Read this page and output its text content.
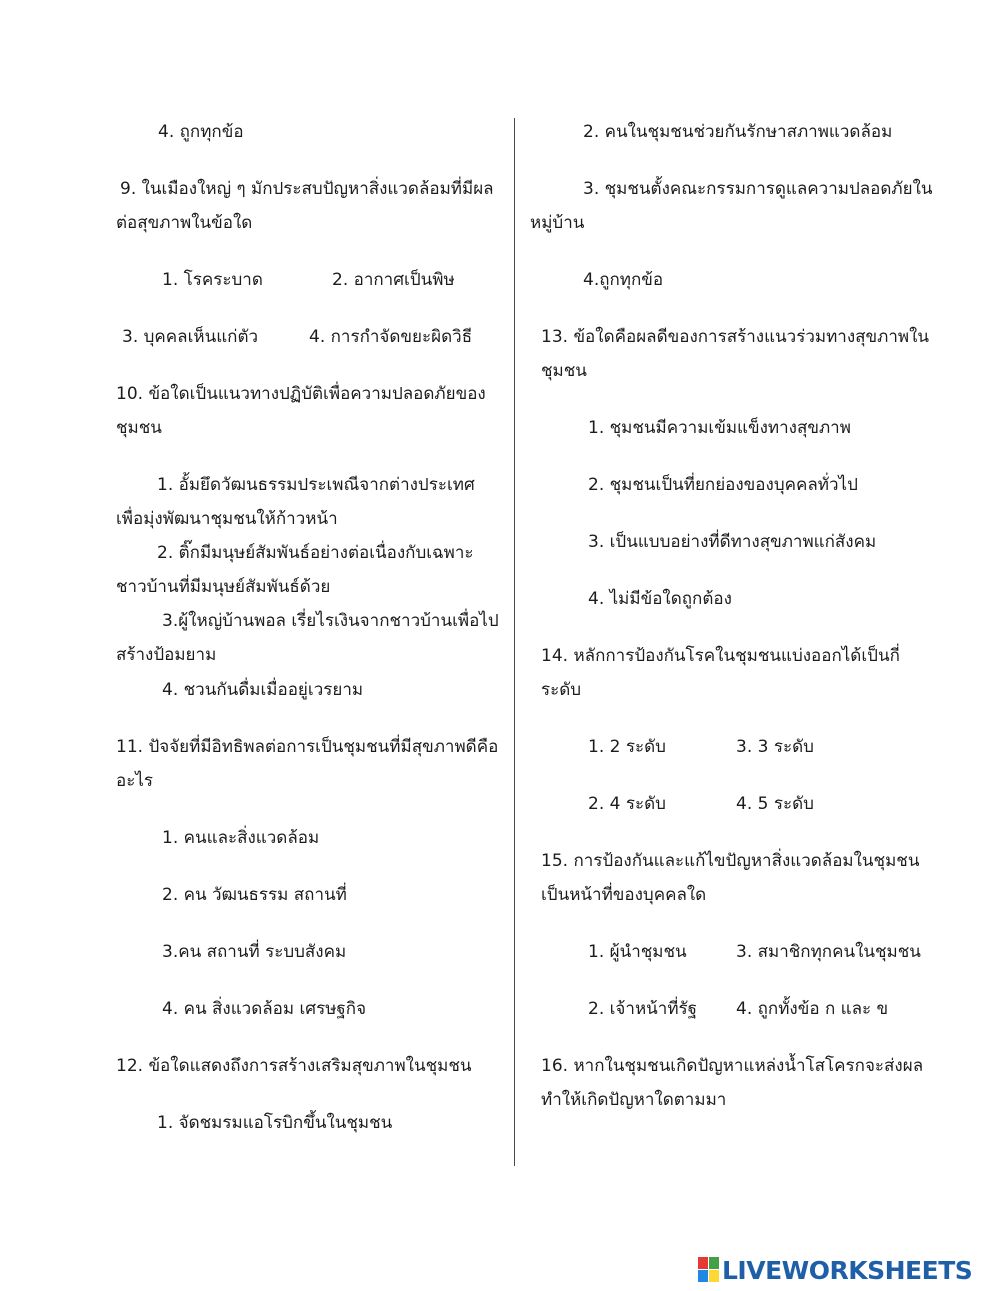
4. ถูกทุกข้อ
9. ในเมืองใหญ่ ๆ มักประสบปัญหาสิ่งแวดล้อมที่มีผล
ต่อสุขภาพในข้อใด
1. โรคระบาด	2. อากาศเป็นพิษ
3. บุคคลเห็นแก่ตัว	4. การกำจัดขยะผิดวิธี
10. ข้อใดเป็นแนวทางปฏิบัติเพื่อความปลอดภัยของ
ชุมชน
1. อั้มยึดวัฒนธรรมประเพณีจากต่างประเทศ
เพื่อมุ่งพัฒนาชุมชนให้ก้าวหน้า
2. ติ๊กมีมนุษย์สัมพันธ์อย่างต่อเนื่องกับเฉพาะ
ชาวบ้านที่มีมนุษย์สัมพันธ์ด้วย
3.ผู้ใหญ่บ้านพอล เรี่ยไรเงินจากชาวบ้านเพื่อไป
สร้างป้อมยาม
4. ชวนกันดื่มเมื่ออยู่เวรยาม
11. ปัจจัยที่มีอิทธิพลต่อการเป็นชุมชนที่มีสุขภาพดีคือ
อะไร
1. คนและสิ่งแวดล้อม
2. คน วัฒนธรรม สถานที่
3.คน สถานที่ ระบบสังคม
4. คน สิ่งแวดล้อม เศรษฐกิจ
12. ข้อใดแสดงถึงการสร้างเสริมสุขภาพในชุมชน
1. จัดชมรมแอโรบิกขึ้นในชุมชน
2. คนในชุมชนช่วยกันรักษาสภาพแวดล้อม
3. ชุมชนตั้งคณะกรรมการดูแลความปลอดภัยใน
หมู่บ้าน
4.ถูกทุกข้อ
13. ข้อใดคือผลดีของการสร้างแนวร่วมทางสุขภาพใน
ชุมชน
1. ชุมชนมีความเข้มแข็งทางสุขภาพ
2. ชุมชนเป็นที่ยกย่องของบุคคลทั่วไป
3. เป็นแบบอย่างที่ดีทางสุขภาพแก่สังคม
4. ไม่มีข้อใดถูกต้อง
14. หลักการป้องกันโรคในชุมชนแบ่งออกได้เป็นกี่
ระดับ
1. 2 ระดับ	3. 3 ระดับ
2. 4 ระดับ	4. 5 ระดับ
15. การป้องกันและแก้ไขปัญหาสิ่งแวดล้อมในชุมชน
เป็นหน้าที่ของบุคคลใด
1. ผู้นำชุมชน	3. สมาชิกทุกคนในชุมชน
2. เจ้าหน้าที่รัฐ 4. ถูกทั้งข้อ ก และ ข
16. หากในชุมชนเกิดปัญหาแหล่งน้ำโสโครกจะส่งผล
ทำให้เกิดปัญหาใดตามมา
LIVEWORKSHEETS
